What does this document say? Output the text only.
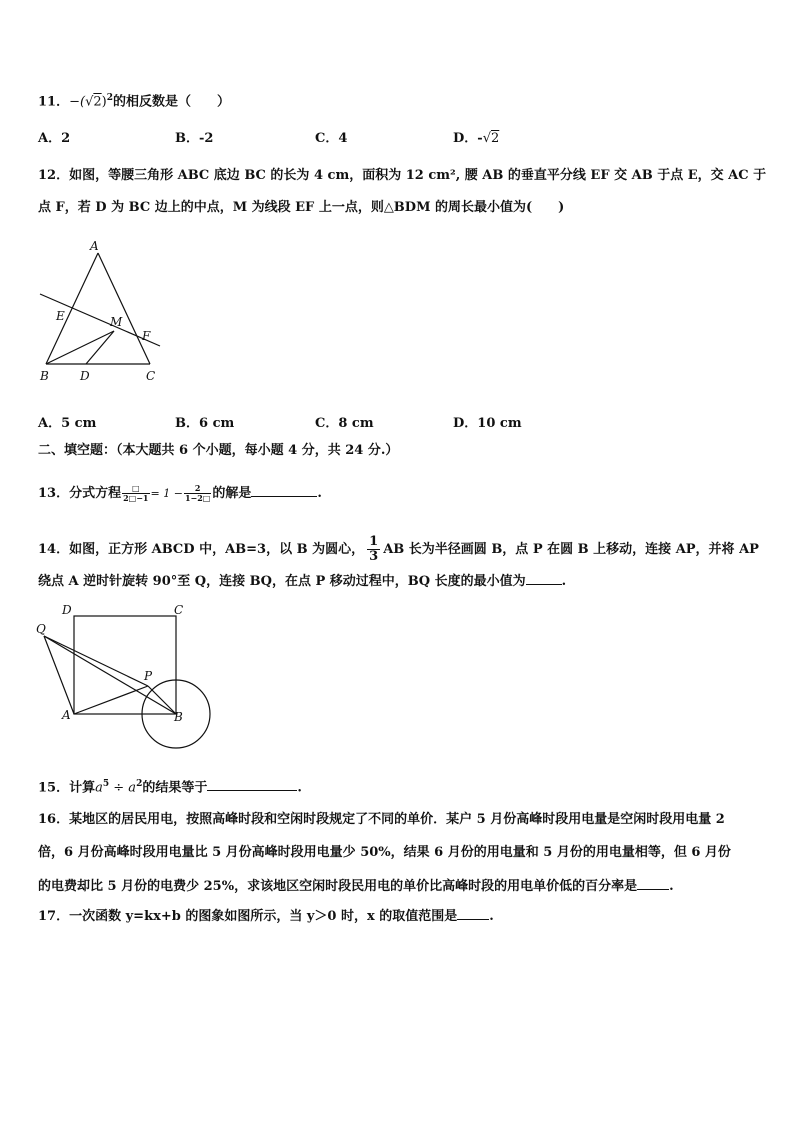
11．$-(√2)^2$的相反数是（　　）
A．2	B．-2	C．4	D．-√2
12．如图，等腰三角形 ABC 底边 BC 的长为 4 cm，面积为 12 cm², 腰 AB 的垂直平分线 EF 交 AB 于点 E，交 AC 于
点 F，若 D 为 BC 边上的中点，M 为线段 EF 上一点，则△BDM 的周长最小值为(　　)
A
E	M
F
B	D	C
A．5 cm	B．6 cm	C．8 cm	D．10 cm
二、填空题：（本大题共 6 个小题，每小题 4 分，共 24 分.）
13．分式方程 $\frac{□}{2□-1} = 1 - \frac{2}{1-2□}$ 的解是	.
14．如图，正方形 ABCD 中，AB=3，以 B 为圆心， $\frac{1}{3}$ AB 长为半径画圆 B，点 P 在圆 B 上移动，连接 AP，并将 AP
绕点 A 逆时针旋转 90°至 Q，连接 BQ，在点 P 移动过程中，BQ 长度的最小值为	.
D	C
Q
P
A	B
15．计算$a^5 \div a^2$的结果等于	.
16．某地区的居民用电，按照高峰时段和空闲时段规定了不同的单价．某户 5 月份高峰时段用电量是空闲时段用电量 2
倍，6 月份高峰时段用电量比 5 月份高峰时段用电量少 50%，结果 6 月份的用电量和 5 月份的用电量相等，但 6 月份
的电费却比 5 月份的电费少 25%，求该地区空闲时段民用电的单价比高峰时段的用电单价低的百分率是 .
17．一次函数 y=kx+b 的图象如图所示，当 y＞0 时，x 的取值范围是 .
